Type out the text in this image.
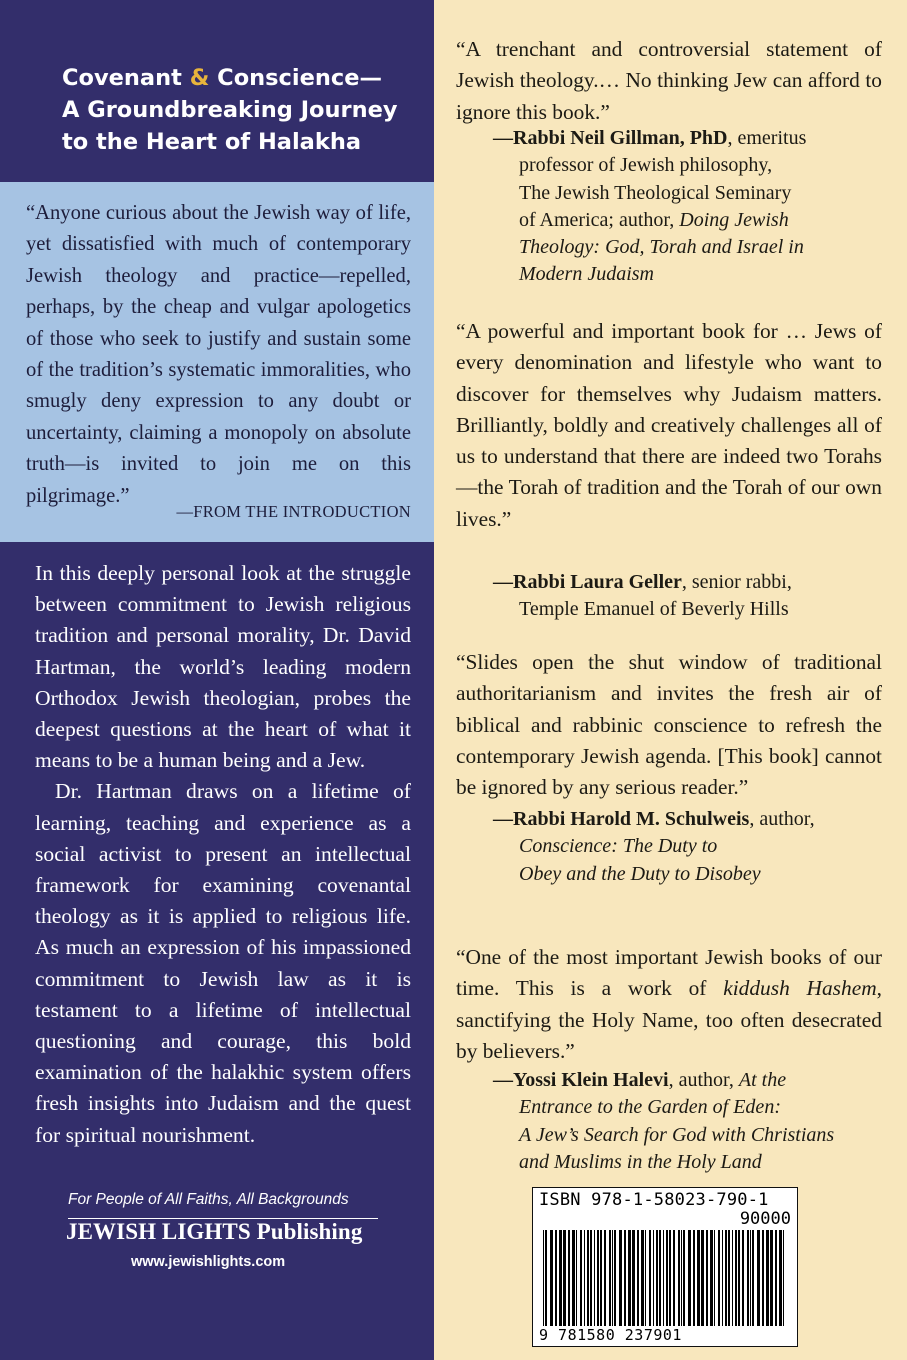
Covenant & Conscience—
A Groundbreaking Journey
to the Heart of Halakha

“Anyone curious about the Jewish way of life, yet dissatisfied with much of contemporary Jewish theology and practice—repelled, perhaps, by the cheap and vulgar apologetics of those who seek to justify and sustain some of the tradition’s systematic immoralities, who smugly deny expression to any doubt or uncertainty, claiming a monopoly on absolute truth—is invited to join me on this pilgrimage.”

—FROM THE INTRODUCTION

In this deeply personal look at the struggle between commitment to Jewish religious tradition and personal morality, Dr. David Hartman, the world’s leading modern Orthodox Jewish theologian, probes the deepest questions at the heart of what it means to be a human being and a Jew.

Dr. Hartman draws on a lifetime of learning, teaching and experience as a social activist to present an intellectual framework for examining covenantal theology as it is applied to religious life. As much an expression of his impassioned commitment to Jewish law as it is testament to a lifetime of intellectual questioning and courage, this bold examination of the halakhic system offers fresh insights into Judaism and the quest for spiritual nourishment.

For People of All Faiths, All Backgrounds
JEWISH LIGHTS Publishing
www.jewishlights.com

“A trenchant and controversial statement of Jewish theology.… No thinking Jew can afford to ignore this book.”

—Rabbi Neil Gillman, PhD, emeritus
professor of Jewish philosophy,
The Jewish Theological Seminary
of America; author, Doing Jewish
Theology: God, Torah and Israel in
Modern Judaism

“A powerful and important book for … Jews of every denomination and lifestyle who want to discover for themselves why Judaism matters. Brilliantly, boldly and creatively challenges all of us to understand that there are indeed two Torahs—the Torah of tradition and the Torah of our own lives.”

—Rabbi Laura Geller, senior rabbi,
Temple Emanuel of Beverly Hills

“Slides open the shut window of traditional authoritarianism and invites the fresh air of biblical and rabbinic conscience to refresh the contemporary Jewish agenda. [This book] cannot be ignored by any serious reader.”

—Rabbi Harold M. Schulweis, author,
Conscience: The Duty to
Obey and the Duty to Disobey

“One of the most important Jewish books of our time. This is a work of kiddush Hashem, sanctifying the Holy Name, too often desecrated by believers.”

—Yossi Klein Halevi, author, At the
Entrance to the Garden of Eden:
A Jew’s Search for God with Christians
and Muslims in the Holy Land
ISBN 978-1-58023-790-1
90000
9 781580 237901
